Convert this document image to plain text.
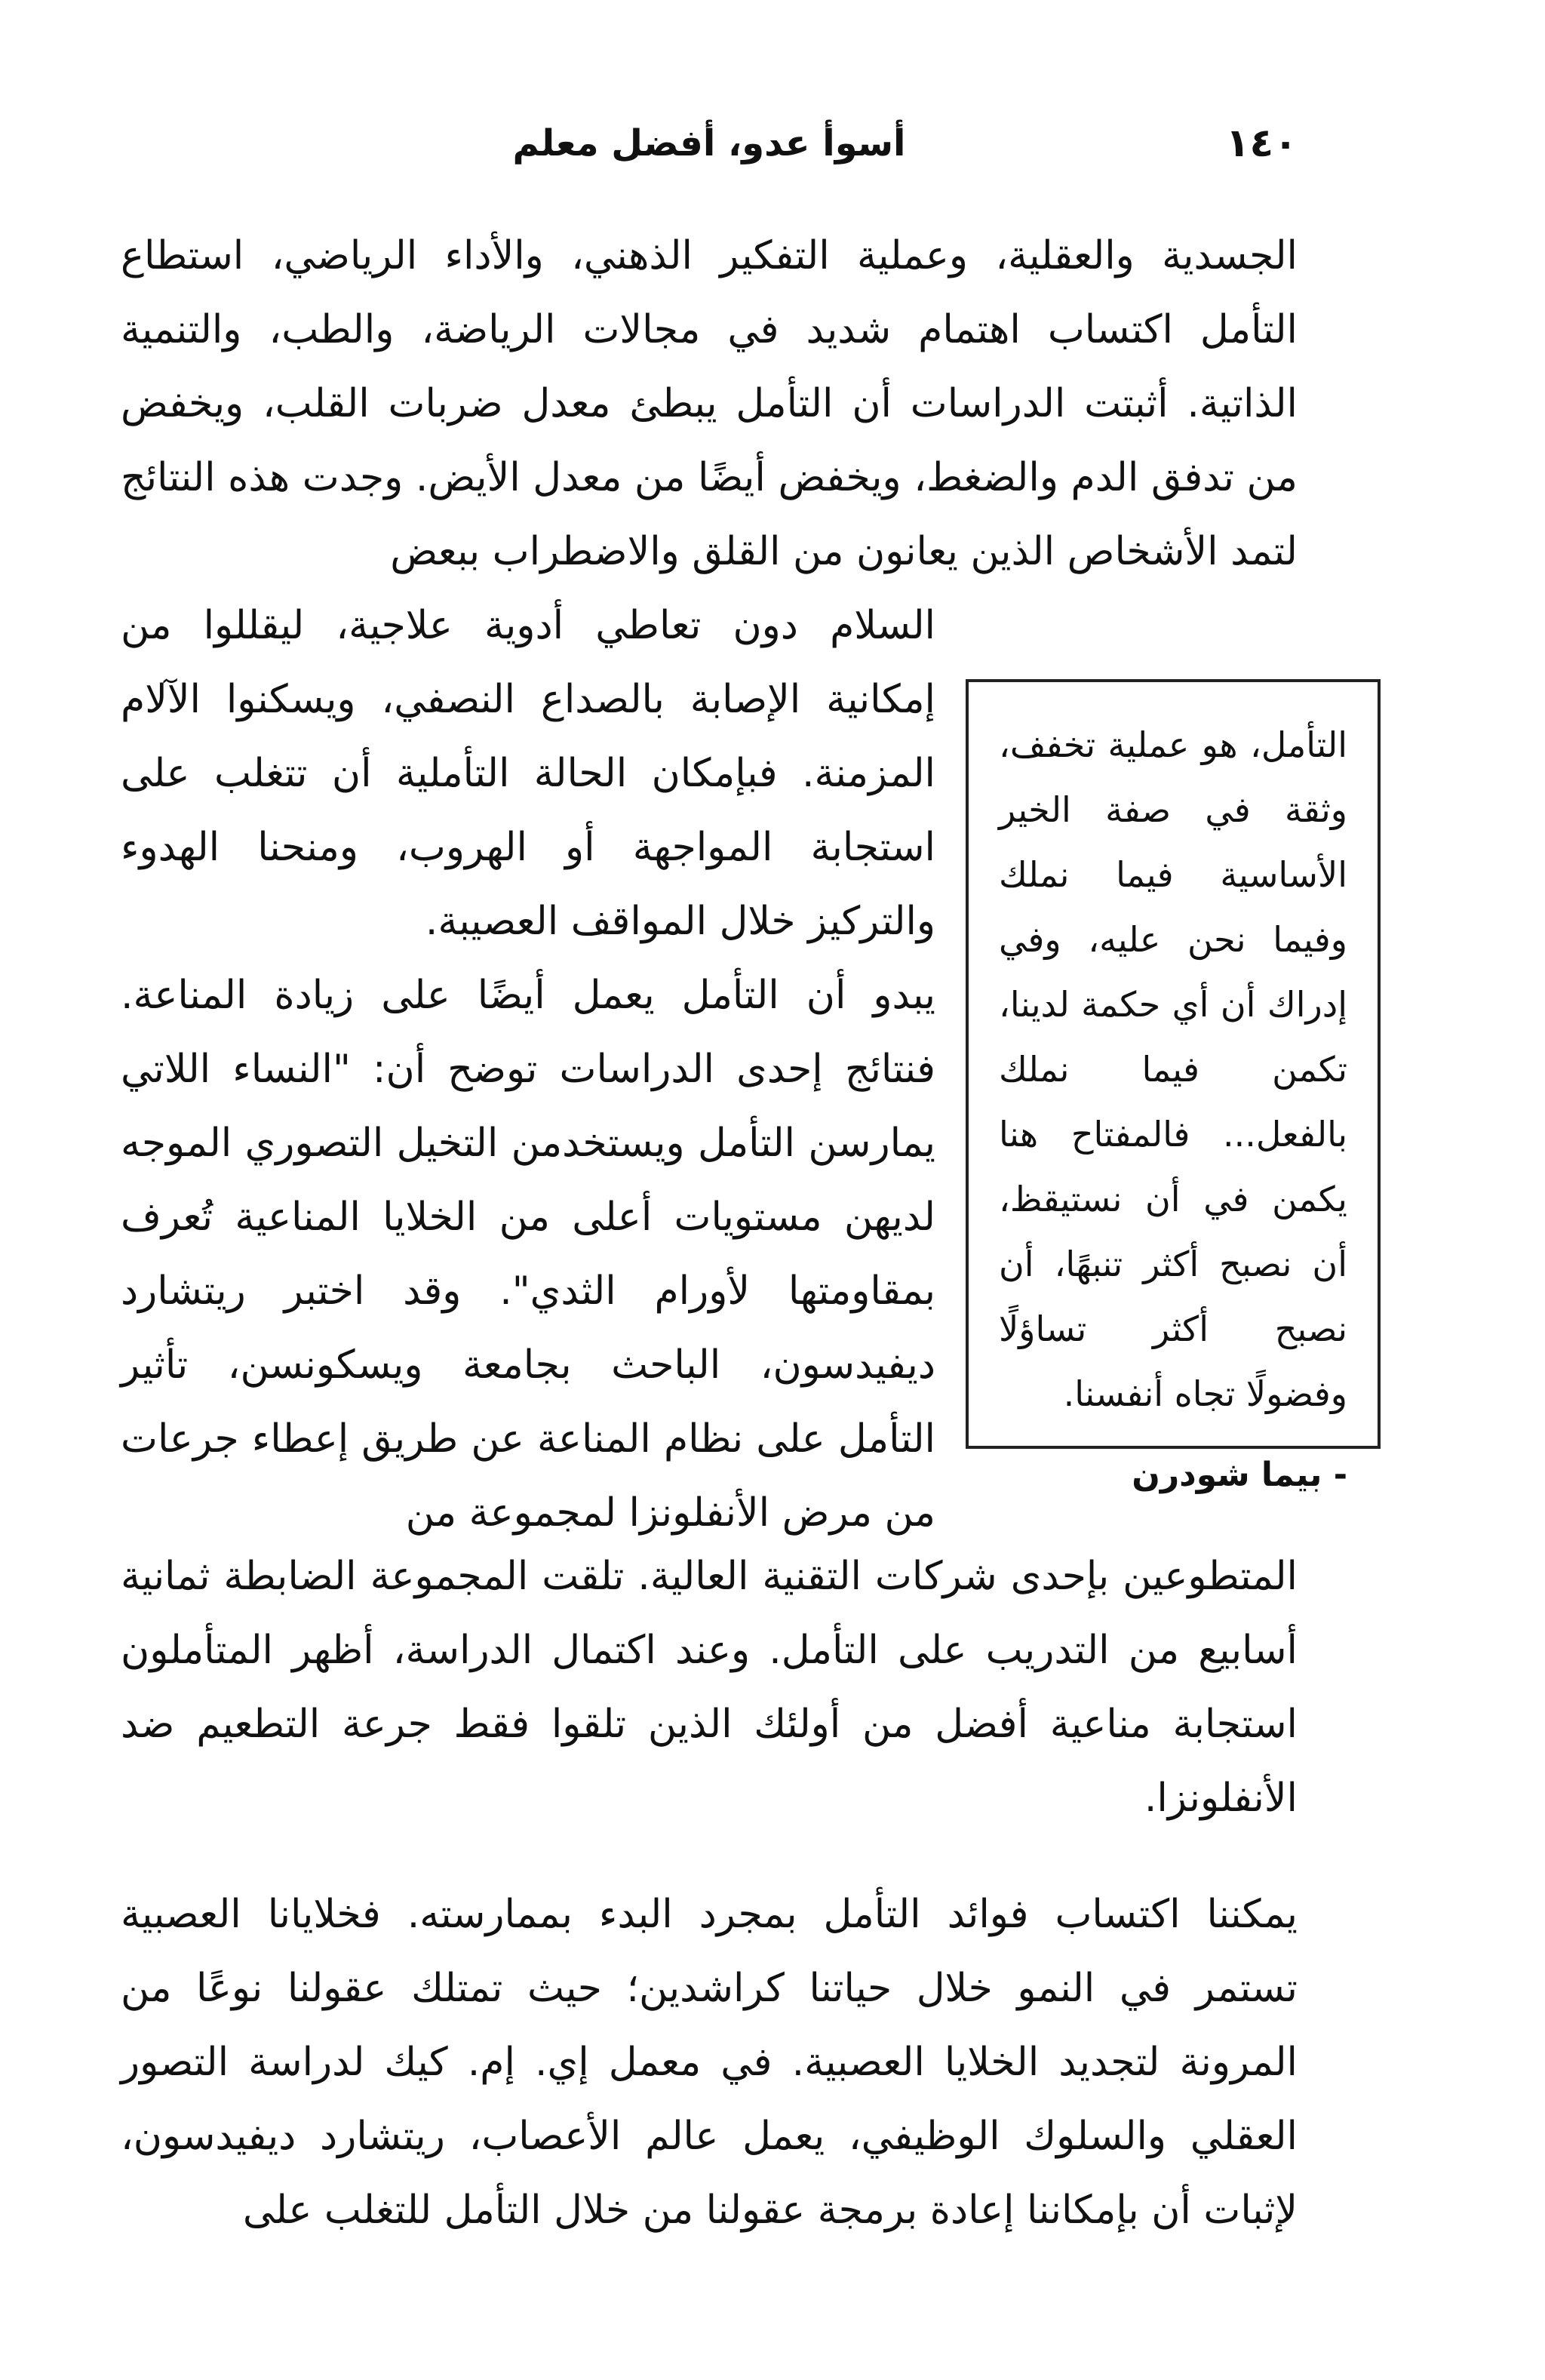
١٤٠
أسوأ عدو، أفضل معلم

الجسدية والعقلية، وعملية التفكير الذهني، والأداء الرياضي، استطاع التأمل اكتساب اهتمام شديد في مجالات الرياضة، والطب، والتنمية الذاتية. أثبتت الدراسات أن التأمل يبطئ معدل ضربات القلب، ويخفض من تدفق الدم والضغط، ويخفض أيضًا من معدل الأيض. وجدت هذه النتائج لتمد الأشخاص الذين يعانون من القلق والاضطراب ببعض

السلام دون تعاطي أدوية علاجية، ليقللوا من إمكانية الإصابة بالصداع النصفي، ويسكنوا الآلام المزمنة. فبإمكان الحالة التأملية أن تتغلب على استجابة المواجهة أو الهروب، ومنحنا الهدوء والتركيز خلال المواقف العصيبة.

يبدو أن التأمل يعمل أيضًا على زيادة المناعة. فنتائج إحدى الدراسات توضح أن: "النساء اللاتي يمارسن التأمل ويستخدمن التخيل التصوري الموجه لديهن مستويات أعلى من الخلايا المناعية تُعرف بمقاومتها لأورام الثدي". وقد اختبر ريتشارد ديفيدسون، الباحث بجامعة ويسكونسن، تأثير التأمل على نظام المناعة عن طريق إعطاء جرعات من مرض الأنفلونزا لمجموعة من

التأمل، هو عملية تخفف، وثقة في صفة الخير الأساسية فيما نملك وفيما نحن عليه، وفي إدراك أن أي حكمة لدينا، تكمن فيما نملك بالفعل... فالمفتاح هنا يكمن في أن نستيقظ، أن نصبح أكثر تنبهًا، أن نصبح أكثر تساؤلًا وفضولًا تجاه أنفسنا.

- بيما شودرن

المتطوعين بإحدى شركات التقنية العالية. تلقت المجموعة الضابطة ثمانية أسابيع من التدريب على التأمل. وعند اكتمال الدراسة، أظهر المتأملون استجابة مناعية أفضل من أولئك الذين تلقوا فقط جرعة التطعيم ضد الأنفلونزا.

يمكننا اكتساب فوائد التأمل بمجرد البدء بممارسته. فخلايانا العصبية تستمر في النمو خلال حياتنا كراشدين؛ حيث تمتلك عقولنا نوعًا من المرونة لتجديد الخلايا العصبية. في معمل إي. إم. كيك لدراسة التصور العقلي والسلوك الوظيفي، يعمل عالم الأعصاب، ريتشارد ديفيدسون، لإثبات أن بإمكاننا إعادة برمجة عقولنا من خلال التأمل للتغلب على
